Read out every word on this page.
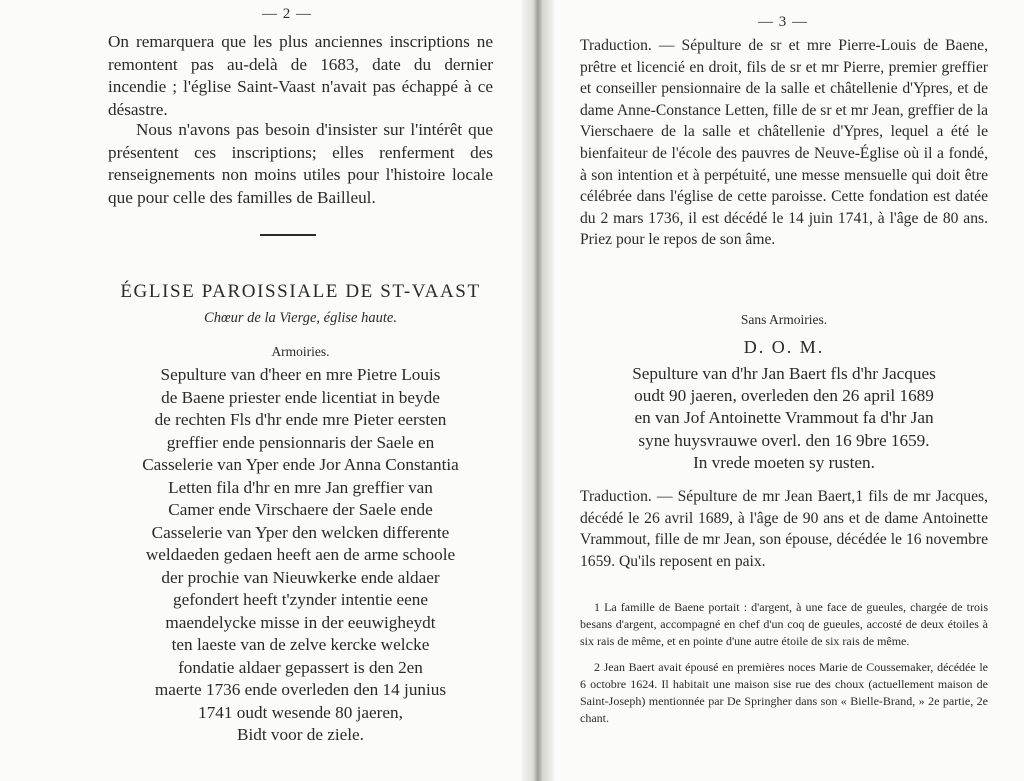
— 2 —

On remarquera que les plus anciennes inscriptions ne remontent pas au-delà de 1683, date du dernier incendie ; l'église Saint-Vaast n'avait pas échappé à ce désastre.

Nous n'avons pas besoin d'insister sur l'intérêt que présentent ces inscriptions; elles renferment des renseignements non moins utiles pour l'histoire locale que pour celle des familles de Bailleul.

ÉGLISE PAROISSIALE DE ST-VAAST
Chœur de la Vierge, église haute.
Armoiries.
Sepulture van d'heer en mre Pietre Louis
de Baene priester ende licentiat in beyde
de rechten Fls d'hr ende mre Pieter eersten
greffier ende pensionnaris der Saele en
Casselerie van Yper ende Jor Anna Constantia
Letten fila d'hr en mre Jan greffier van
Camer ende Virschaere der Saele ende
Casselerie van Yper den welcken differente
weldaeden gedaen heeft aen de arme schoole
der prochie van Nieuwkerke ende aldaer
gefondert heeft t'zynder intentie eene
maendelycke misse in der eeuwigheydt
ten laeste van de zelve kercke welcke
fondatie aldaer gepassert is den 2en
maerte 1736 ende overleden den 14 junius
1741 oudt wesende 80 jaeren,
Bidt voor de ziele.
— 3 —

Traduction. — Sépulture de sr et mre Pierre-Louis de Baene, prêtre et licencié en droit, fils de sr et mr Pierre, premier greffier et conseiller pensionnaire de la salle et châtellenie d'Ypres, et de dame Anne-Constance Letten, fille de sr et mr Jean, greffier de la Vierschaere de la salle et châtellenie d'Ypres, lequel a été le bienfaiteur de l'école des pauvres de Neuve-Église où il a fondé, à son intention et à perpétuité, une messe mensuelle qui doit être célébrée dans l'église de cette paroisse. Cette fondation est datée du 2 mars 1736, il est décédé le 14 juin 1741, à l'âge de 80 ans. Priez pour le repos de son âme.

Sans Armoiries.
D. O. M.
Sepulture van d'hr Jan Baert fls d'hr Jacques
oudt 90 jaeren, overleden den 26 april 1689
en van Jof Antoinette Vrammout fa d'hr Jan
syne huysvrauwe overl. den 16 9bre 1659.
In vrede moeten sy rusten.

Traduction. — Sépulture de mr Jean Baert,1 fils de mr Jacques, décédé le 26 avril 1689, à l'âge de 90 ans et de dame Antoinette Vrammout, fille de mr Jean, son épouse, décédée le 16 novembre 1659. Qu'ils reposent en paix.

1 La famille de Baene portait : d'argent, à une face de gueules, chargée de trois besans d'argent, accompagné en chef d'un coq de gueules, accosté de deux étoiles à six rais de même, et en pointe d'une autre étoile de six rais de même.

2 Jean Baert avait épousé en premières noces Marie de Coussemaker, décédée le 6 octobre 1624. Il habitait une maison sise rue des choux (actuellement maison de Saint-Joseph) mentionnée par De Springher dans son « Bielle-Brand, » 2e partie, 2e chant.
